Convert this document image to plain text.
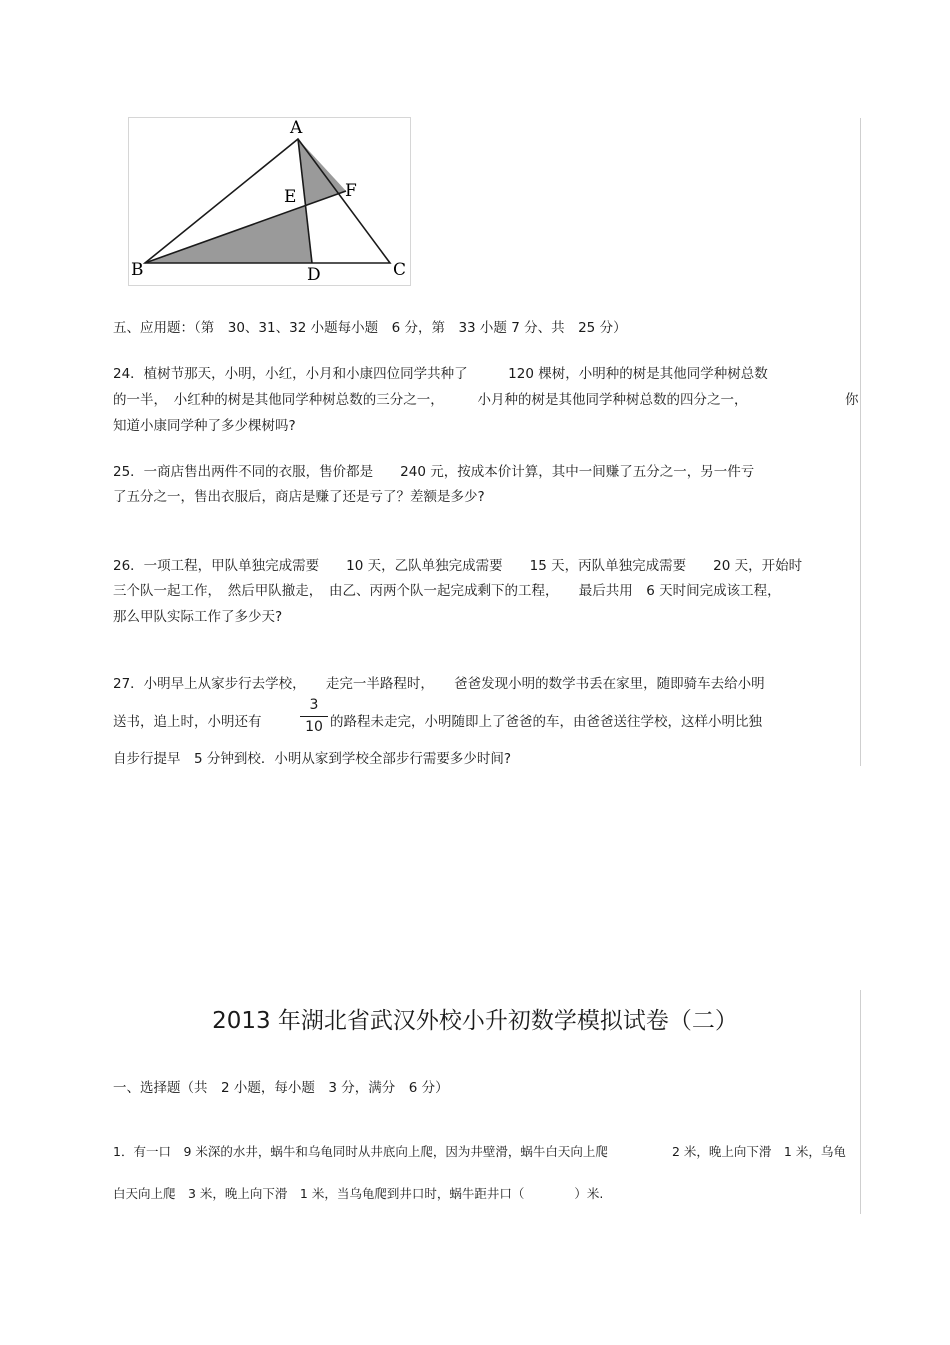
A
B	C
D
E	F
五、应用题：（第　30、31、32 小题每小题　6 分，第　33 小题 7 分、共　25 分）
24．植树节那天，小明，小红，小月和小康四位同学共种了　　　120 棵树，小明种的树是其他同学种树总数
的一半，　小红种的树是其他同学种树总数的三分之一，　　　小月种的树是其他同学种树总数的四分之一，	你
知道小康同学种了多少棵树吗?
25．一商店售出两件不同的衣服，售价都是　　240 元，按成本价计算，其中一间赚了五分之一，另一件亏
了五分之一，售出衣服后，商店是赚了还是亏了？差额是多少?
26．一项工程，甲队单独完成需要　　10 天，乙队单独完成需要　　15 天，丙队单独完成需要　　20 天，开始时
三个队一起工作，　然后甲队撤走，　由乙、丙两个队一起完成剩下的工程，　　最后共用　6 天时间完成该工程，
那么甲队实际工作了多少天?
27．小明早上从家步行去学校，　　走完一半路程时，　　爸爸发现小明的数学书丢在家里，随即骑车去给小明
送书，追上时，小明还有
3
10 的路程未走完，小明随即上了爸爸的车，由爸爸送往学校，这样小明比独
自步行提早　5 分钟到校．小明从家到学校全部步行需要多少时间?
2013 年湖北省武汉外校小升初数学模拟试卷（二）
一、选择题（共　2 小题，每小题　3 分，满分　6 分）
1．有一口　9 米深的水井，蜗牛和乌龟同时从井底向上爬，因为井壁滑，蜗牛白天向上爬	2 米，晚上向下滑　1 米，乌龟
白天向上爬　3 米，晚上向下滑　1 米，当乌龟爬到井口时，蜗牛距井口（　　　　）米.
